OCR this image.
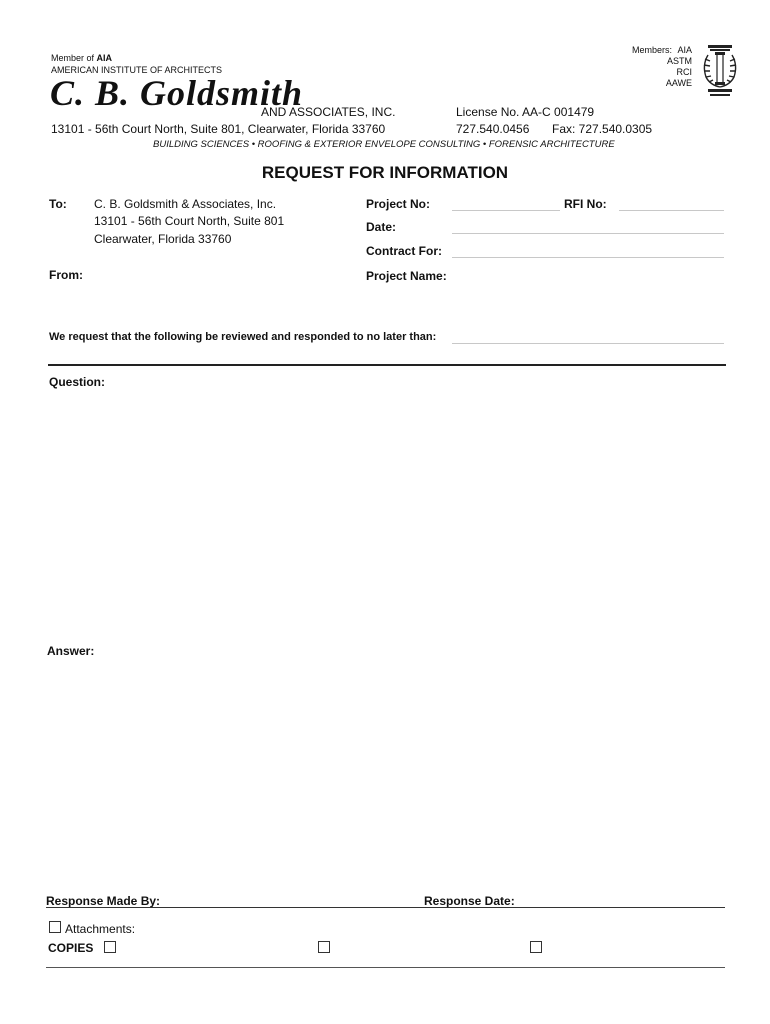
Member of AIA
AMERICAN INSTITUTE OF ARCHITECTS
Members: AIA
ASTM
RCI
AAWE
C. B. Goldsmith
AND ASSOCIATES, INC.	License No. AA-C 001479
13101 - 56th Court North, Suite 801, Clearwater, Florida 33760	727.540.0456 Fax: 727.540.0305
BUILDING SCIENCES • ROOFING & EXTERIOR ENVELOPE CONSULTING • FORENSIC ARCHITECTURE
REQUEST FOR INFORMATION
To: C. B. Goldsmith & Associates, Inc.
13101 - 56th Court North, Suite 801
Clearwater, Florida 33760
From:
Project No:	RFI No:
Date:
Contract For:
Project Name:
We request that the following be reviewed and responded to no later than:
Question:
Answer:
Response Made By:	Response Date:
Attachments:
COPIES
